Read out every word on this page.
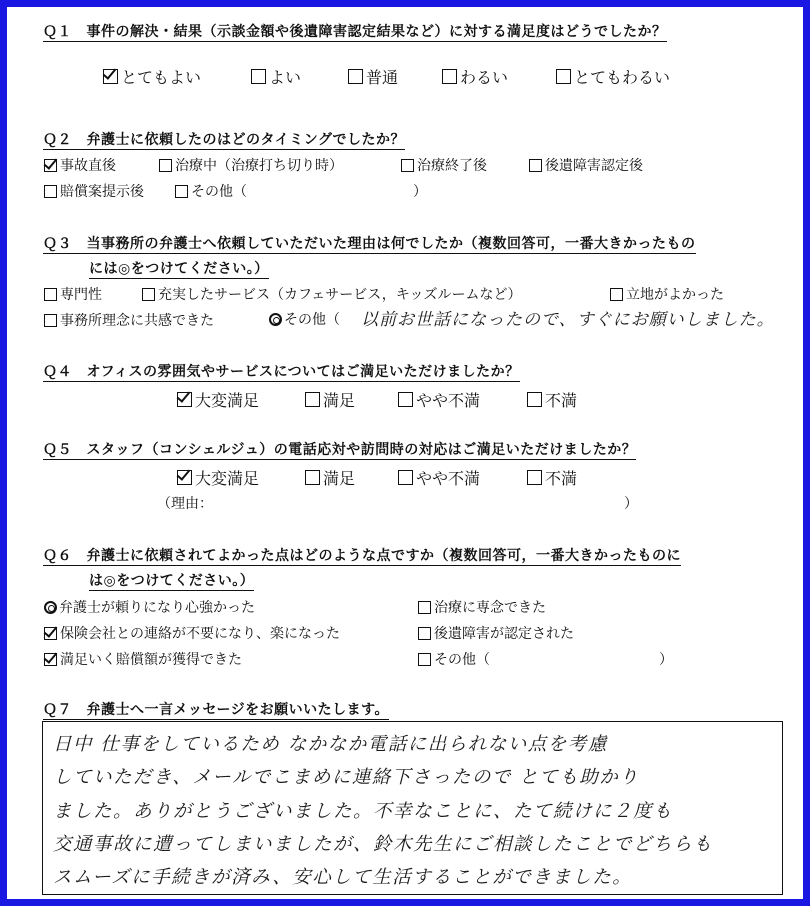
Ｑ１　事件の解決・結果（示談金額や後遺障害認定結果など）に対する満足度はどうでしたか？
とてもよい	よい	普通	わるい	とてもわるい
Ｑ２　弁護士に依頼したのはどのタイミングでしたか？
事故直後	治療中（治療打ち切り時）	治療終了後	後遺障害認定後
賠償案提示後	その他（	）
Ｑ３　当事務所の弁護士へ依頼していただいた理由は何でしたか（複数回答可，一番大きかったもの
には◎をつけてください。）
専門性	充実したサービス（カフェサービス，キッズルームなど）	立地がよかった
事務所理念に共感できた	その他（ 以前お世話になったので、すぐにお願いしました。
Ｑ４　オフィスの雰囲気やサービスについてはご満足いただけましたか？
大変満足	満足	やや不満	不満
Ｑ５　スタッフ（コンシェルジュ）の電話応対や訪問時の対応はご満足いただけましたか？
大変満足	満足	やや不満	不満
（理由：	）
Ｑ６　弁護士に依頼されてよかった点はどのような点ですか（複数回答可，一番大きかったものに
は◎をつけてください。）
弁護士が頼りになり心強かった	治療に専念できた
保険会社との連絡が不要になり、楽になった	後遺障害が認定された
満足いく賠償額が獲得できた	その他（	）
Ｑ７　弁護士へ一言メッセージをお願いいたします。
日中 仕事をしているため なかなか電話に出られない点を考慮
していただき、メールでこまめに連絡下さったので とても助かり
ました。ありがとうございました。不幸なことに、たて続けに２度も
交通事故に遭ってしまいましたが、鈴木先生にご相談したことでどちらも
スムーズに手続きが済み、安心して生活することができました。
